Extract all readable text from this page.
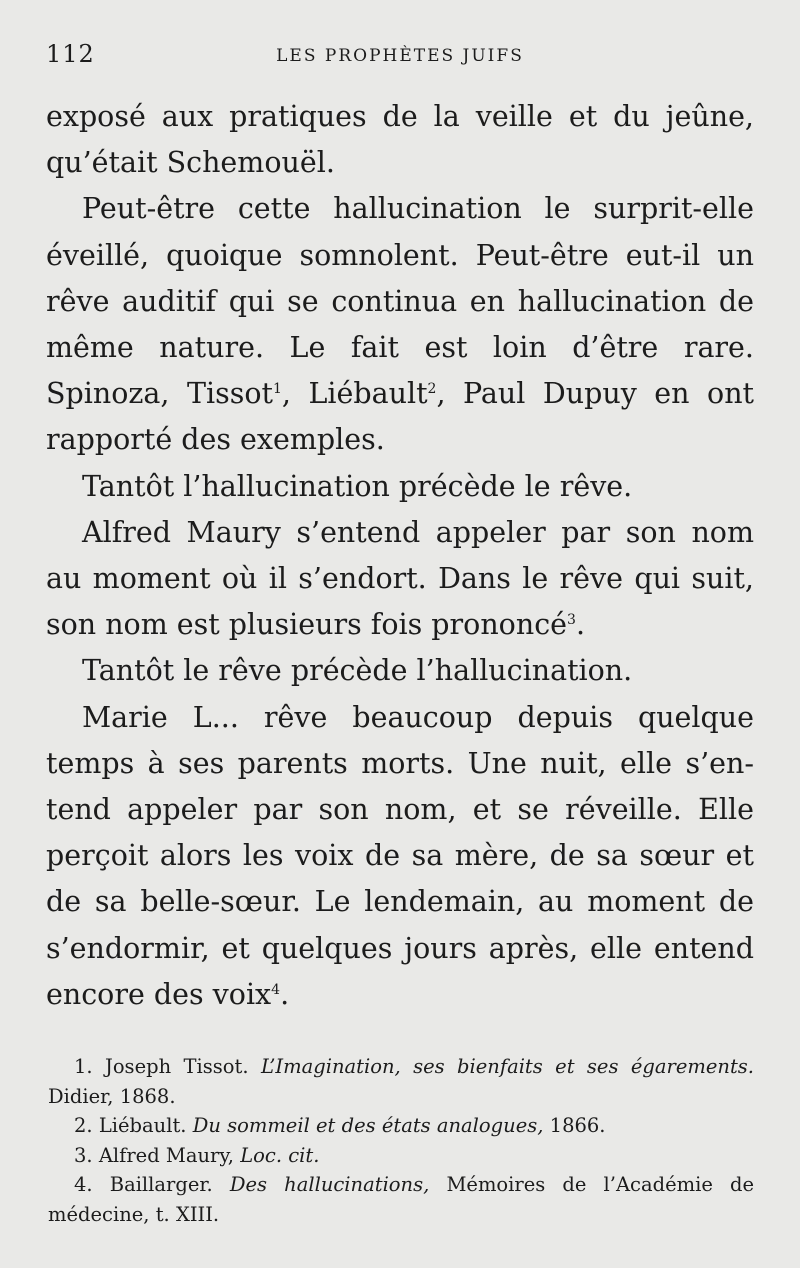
112	LES PROPHÈTES JUIFS

exposé aux pratiques de la veille et du jeûne, qu’était Schemouël.

Peut-être cette hallucination le surprit-elle éveillé, quoique somnolent. Peut-être eut-il un rêve auditif qui se continua en hallucination de même nature. Le fait est loin d’être rare. Spinoza, Tissot$^1$, Liébault$^2$, Paul Dupuy en ont rapporté des exemples.

Tantôt l’hallucination précède le rêve.

Alfred Maury s’entend appeler par son nom au moment où il s’endort. Dans le rêve qui suit, son nom est plusieurs fois prononcé$^3$.

Tantôt le rêve précède l’hallucination.

Marie L... rêve beaucoup depuis quelque temps à ses parents morts. Une nuit, elle s’entend appeler par son nom, et se réveille. Elle perçoit alors les voix de sa mère, de sa sœur et de sa belle-sœur. Le lendemain, au moment de s’endormir, et quelques jours après, elle entend encore des voix$^4$.

1. Joseph Tissot. L’Imagination, ses bienfaits et ses égarements. Didier, 1868.

2. Liébault. Du sommeil et des états analogues, 1866.

3. Alfred Maury, Loc. cit.

4. Baillarger. Des hallucinations, Mémoires de l’Académie de médecine, t. XIII.
